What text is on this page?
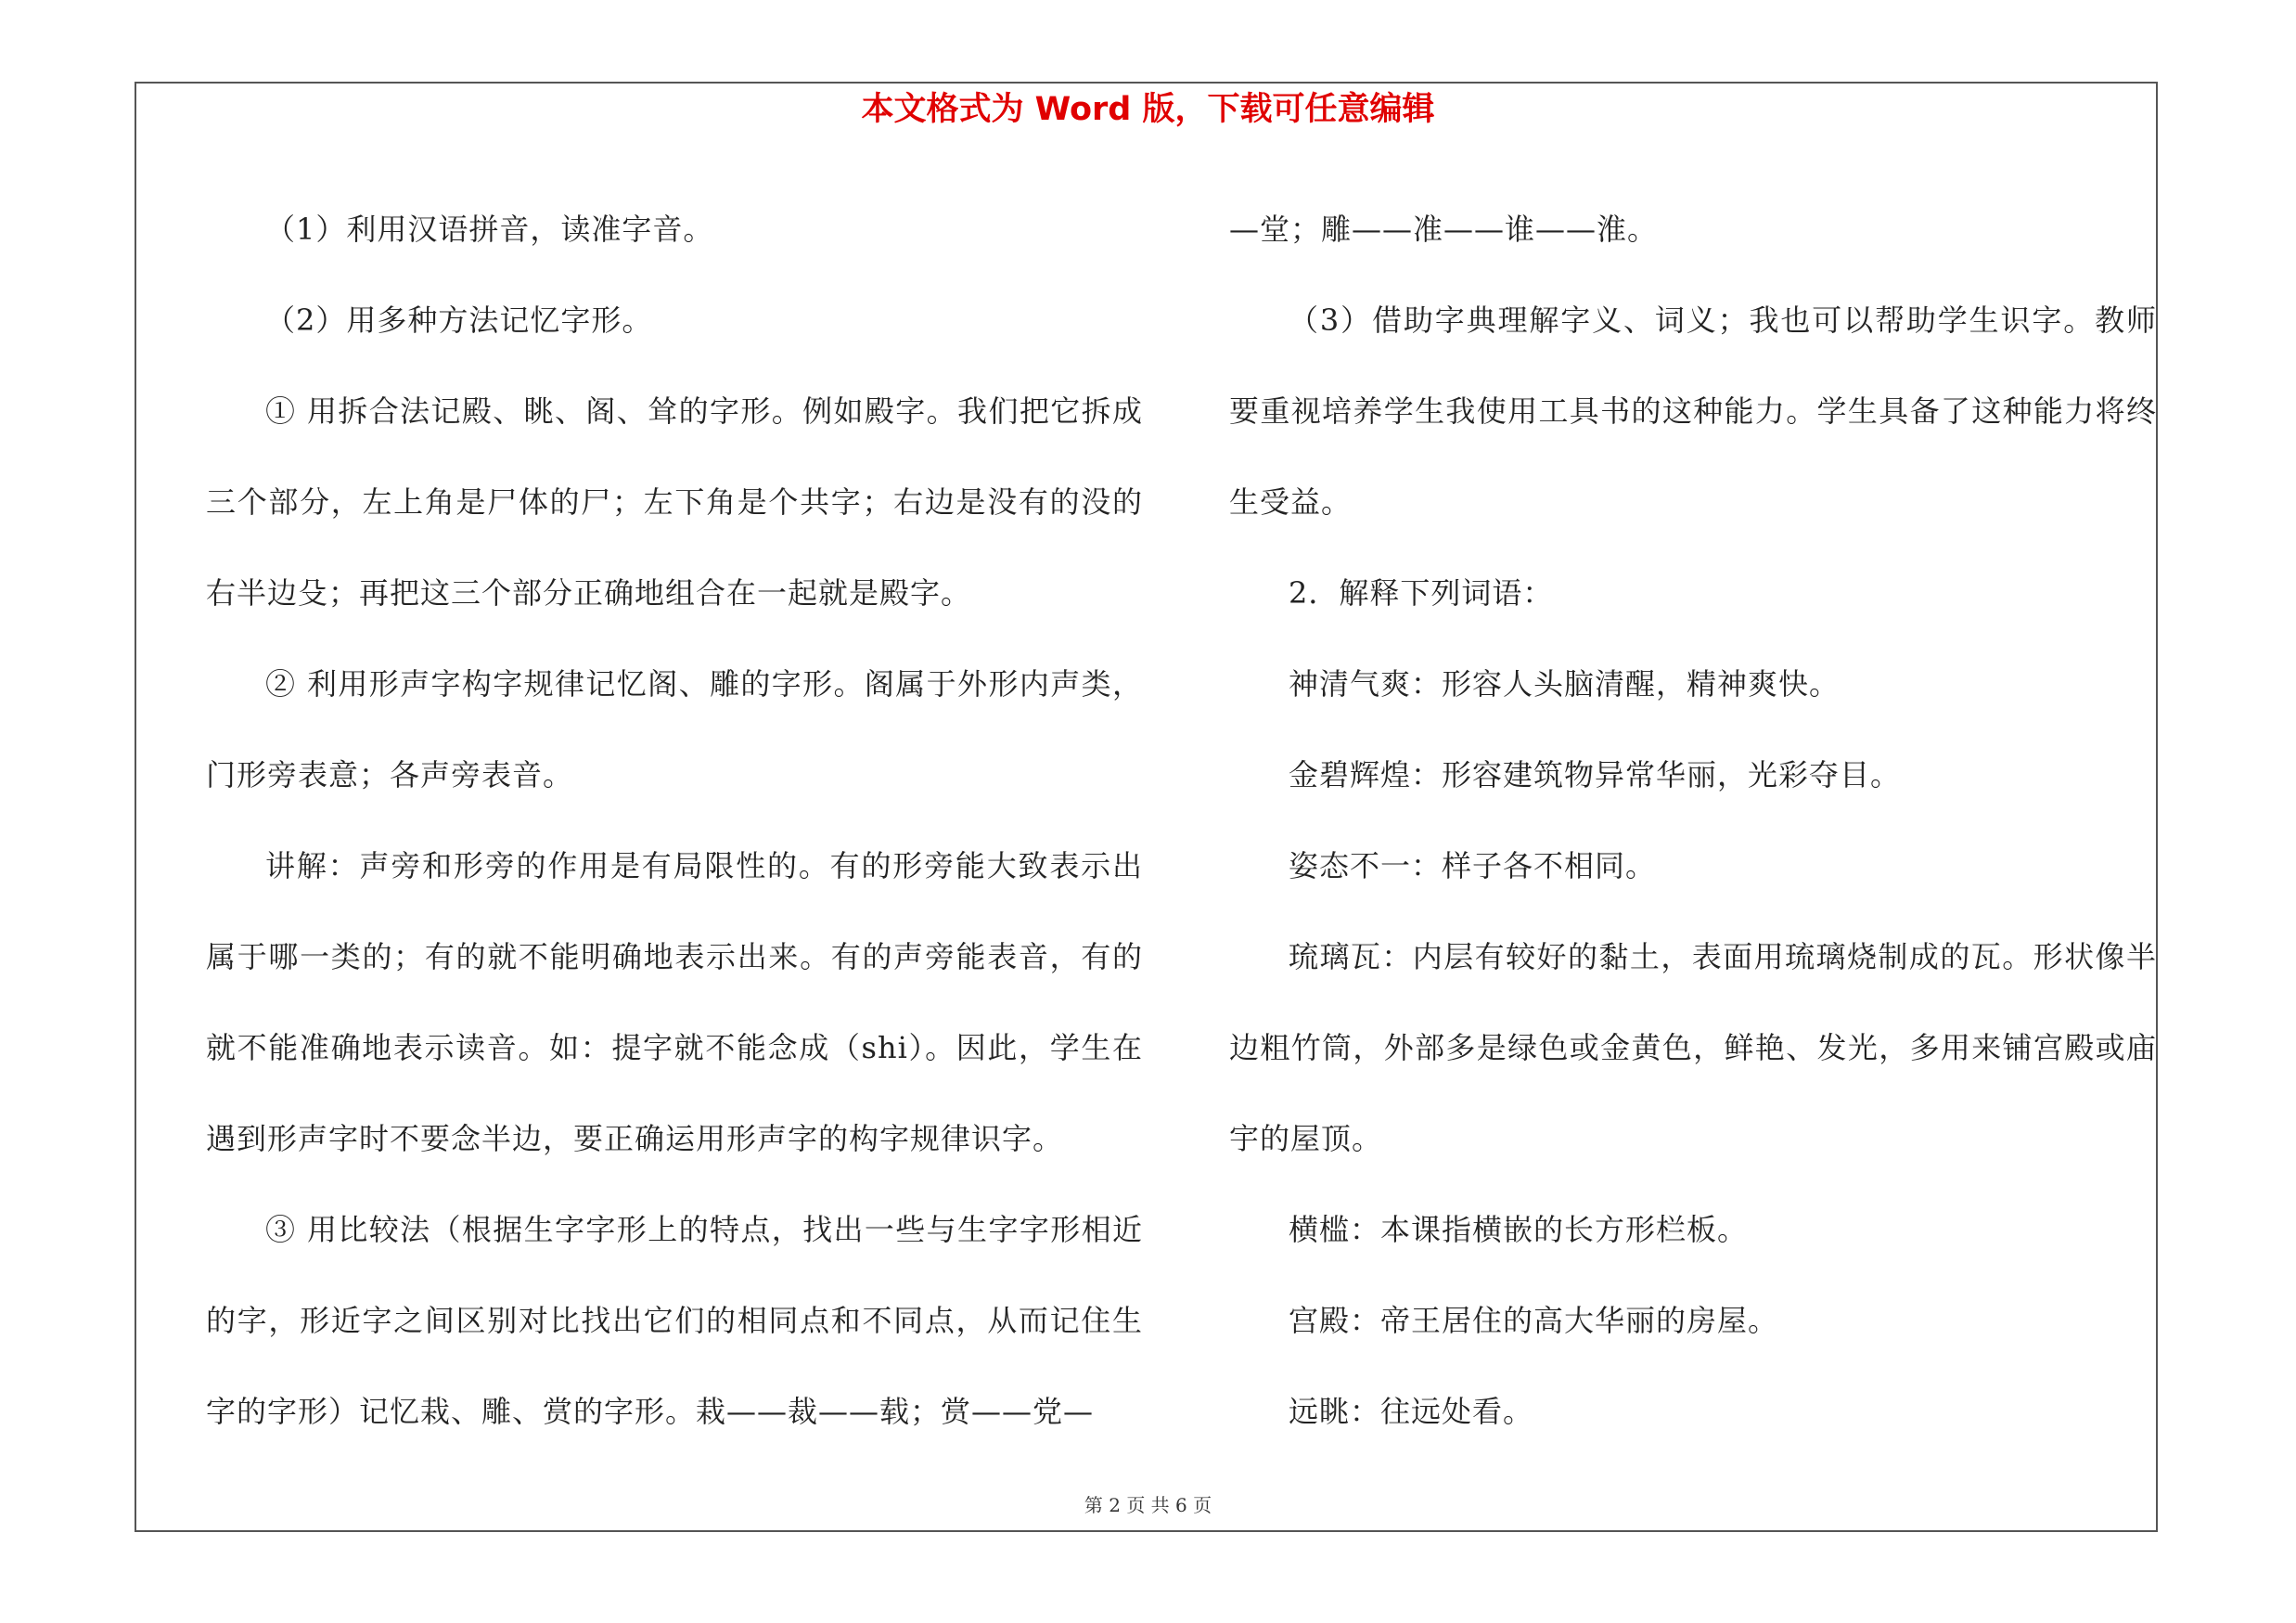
本文格式为 Word 版，下载可任意编辑

（1）利用汉语拼音，读准字音。

（2）用多种方法记忆字形。

① 用拆合法记殿、眺、阁、耸的字形。例如殿字。我们把它拆成三个部分，左上角是尸体的尸；左下角是个共字；右边是没有的没的右半边殳；再把这三个部分正确地组合在一起就是殿字。

② 利用形声字构字规律记忆阁、雕的字形。阁属于外形内声类，门形旁表意；各声旁表音。

讲解：声旁和形旁的作用是有局限性的。有的形旁能大致表示出属于哪一类的；有的就不能明确地表示出来。有的声旁能表音，有的就不能准确地表示读音。如：提字就不能念成（shi）。因此，学生在遇到形声字时不要念半边，要正确运用形声字的构字规律识字。

③ 用比较法（根据生字字形上的特点，找出一些与生字字形相近的字，形近字之间区别对比找出它们的相同点和不同点，从而记住生字的字形）记忆栽、雕、赏的字形。栽——裁——载；赏——党—

—堂；雕——准——谁——淮。

（3）借助字典理解字义、词义；我也可以帮助学生识字。教师要重视培养学生我使用工具书的这种能力。学生具备了这种能力将终生受益。

2．解释下列词语：

神清气爽：形容人头脑清醒，精神爽快。

金碧辉煌：形容建筑物异常华丽，光彩夺目。

姿态不一：样子各不相同。

琉璃瓦：内层有较好的黏土，表面用琉璃烧制成的瓦。形状像半边粗竹筒，外部多是绿色或金黄色，鲜艳、发光，多用来铺宫殿或庙宇的屋顶。

横槛：本课指横嵌的长方形栏板。

宫殿：帝王居住的高大华丽的房屋。

远眺：往远处看。

第 2 页 共 6 页
